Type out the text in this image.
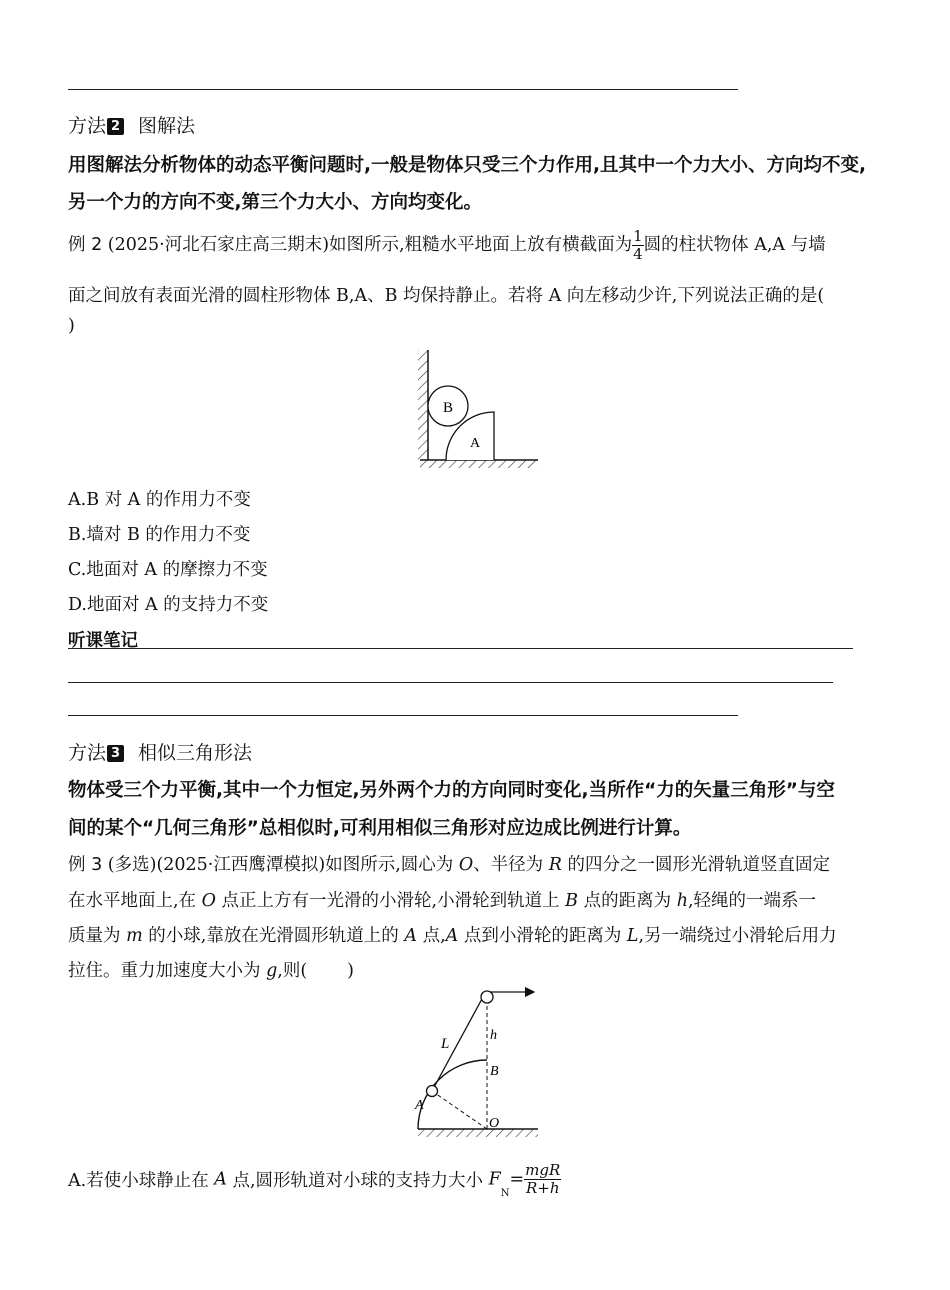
方法 2 图解法
用图解法分析物体的动态平衡问题时,一般是物体只受三个力作用,且其中一个力大小、方向均不变,
另一个力的方向不变,第三个力大小、方向均变化。
例 2 (2025·河北石家庄高三期末)如图所示,粗糙水平地面上放有横截面为 $\frac{1}{4}$ 圆的柱状物体 A,A 与墙
面之间放有表面光滑的圆柱形物体 B,A、B 均保持静止。若将 A 向左移动少许,下列说法正确的是(
)
B
A
A.B 对 A 的作用力不变
B.墙对 B 的作用力不变
C.地面对 A 的摩擦力不变
D.地面对 A 的支持力不变
听课笔记
方法 3 相似三角形法
物体受三个力平衡,其中一个力恒定,另外两个力的方向同时变化,当所作“力的矢量三角形”与空
间的某个“几何三角形”总相似时,可利用相似三角形对应边成比例进行计算。
例 3 (多选)(2025·江西鹰潭模拟)如图所示,圆心为 O、半径为 R 的四分之一圆形光滑轨道竖直固定
在水平地面上,在 O 点正上方有一光滑的小滑轮,小滑轮到轨道上 B 点的距离为 h,轻绳的一端系一
质量为 m 的小球,靠放在光滑圆形轨道上的 A 点,A 点到小滑轮的距离为 L,另一端绕过小滑轮后用力
拉住。重力加速度大小为 g,则( )
L
h
B
A
O
A.若使小球静止在 A 点,圆形轨道对小球的支持力大小 $F_N= \frac{\text{mgR}}{R+h}$
